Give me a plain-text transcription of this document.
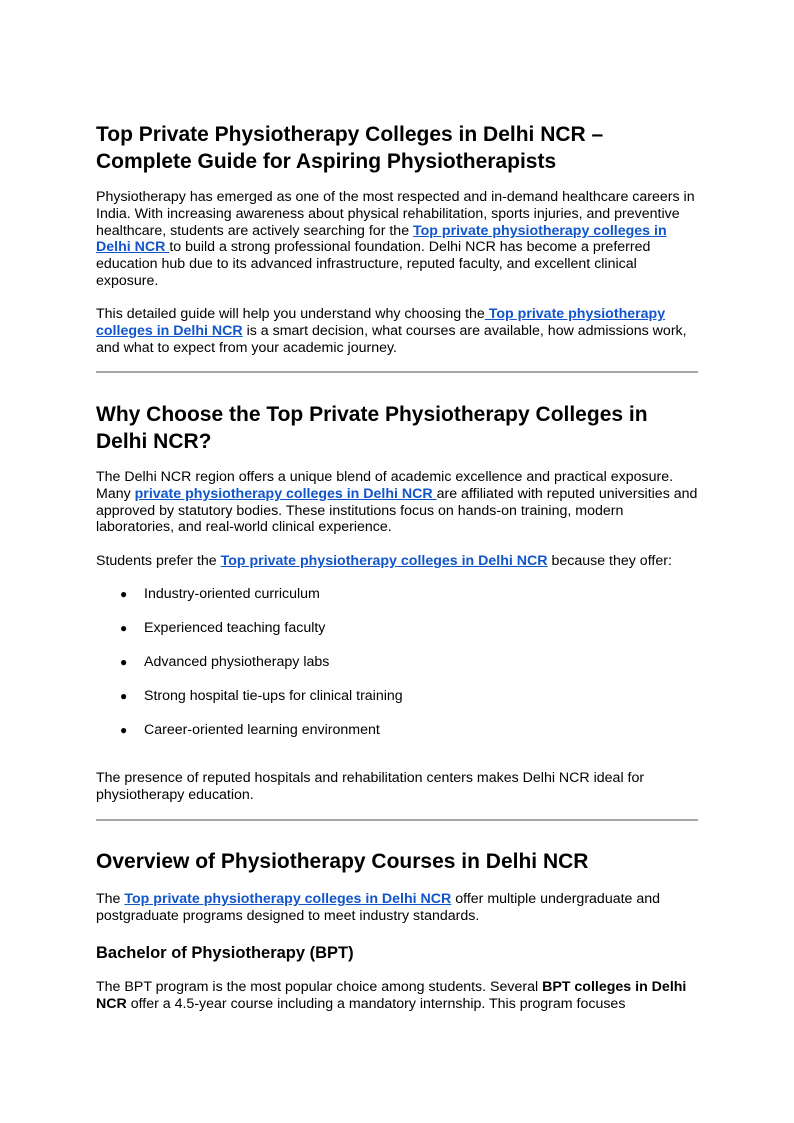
Top Private Physiotherapy Colleges in Delhi NCR – Complete Guide for Aspiring Physiotherapists

Physiotherapy has emerged as one of the most respected and in-demand healthcare careers in India. With increasing awareness about physical rehabilitation, sports injuries, and preventive healthcare, students are actively searching for the Top private physiotherapy colleges in Delhi NCR to build a strong professional foundation. Delhi NCR has become a preferred education hub due to its advanced infrastructure, reputed faculty, and excellent clinical exposure.

This detailed guide will help you understand why choosing the Top private physiotherapy colleges in Delhi NCR is a smart decision, what courses are available, how admissions work, and what to expect from your academic journey.

Why Choose the Top Private Physiotherapy Colleges in Delhi NCR?

The Delhi NCR region offers a unique blend of academic excellence and practical exposure. Many private physiotherapy colleges in Delhi NCR are affiliated with reputed universities and approved by statutory bodies. These institutions focus on hands-on training, modern laboratories, and real-world clinical experience.

Students prefer the Top private physiotherapy colleges in Delhi NCR because they offer:

● Industry-oriented curriculum
● Experienced teaching faculty
● Advanced physiotherapy labs
● Strong hospital tie-ups for clinical training
● Career-oriented learning environment

The presence of reputed hospitals and rehabilitation centers makes Delhi NCR ideal for physiotherapy education.

Overview of Physiotherapy Courses in Delhi NCR

The Top private physiotherapy colleges in Delhi NCR offer multiple undergraduate and postgraduate programs designed to meet industry standards.

Bachelor of Physiotherapy (BPT)

The BPT program is the most popular choice among students. Several BPT colleges in Delhi NCR offer a 4.5-year course including a mandatory internship. This program focuses
